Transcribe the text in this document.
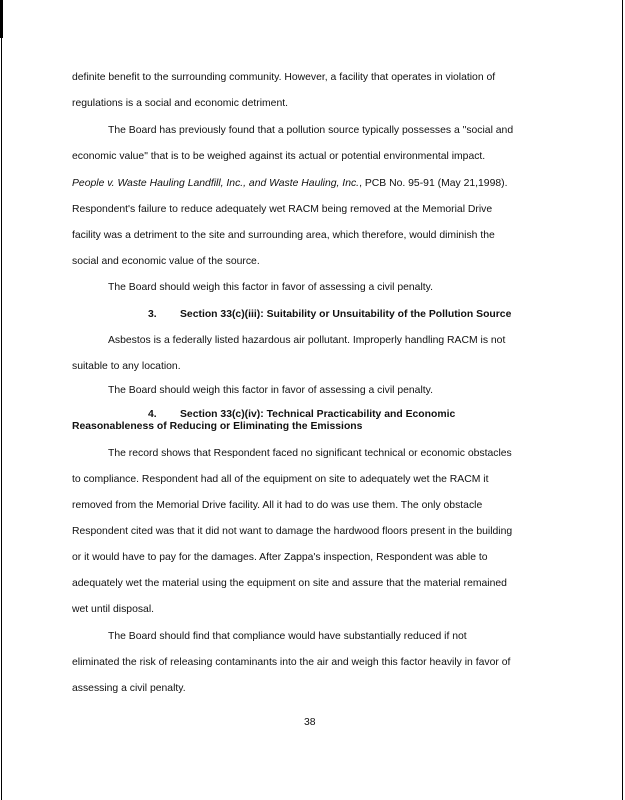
definite benefit to the surrounding community. However, a facility that operates in violation of
regulations is a social and economic detriment.
The Board has previously found that a pollution source typically possesses a "social and
economic value" that is to be weighed against its actual or potential environmental impact.
People v. Waste Hauling Landfill, Inc., and Waste Hauling, Inc., PCB No. 95-91 (May 21,1998).
Respondent's failure to reduce adequately wet RACM being removed at the Memorial Drive
facility was a detriment to the site and surrounding area, which therefore, would diminish the
social and economic value of the source.
The Board should weigh this factor in favor of assessing a civil penalty.
3. Section 33(c)(iii): Suitability or Unsuitability of the Pollution Source
Asbestos is a federally listed hazardous air pollutant. Improperly handling RACM is not
suitable to any location.
The Board should weigh this factor in favor of assessing a civil penalty.
4. Section 33(c)(iv): Technical Practicability and Economic
Reasonableness of Reducing or Eliminating the Emissions
The record shows that Respondent faced no significant technical or economic obstacles
to compliance. Respondent had all of the equipment on site to adequately wet the RACM it
removed from the Memorial Drive facility. All it had to do was use them. The only obstacle
Respondent cited was that it did not want to damage the hardwood floors present in the building
or it would have to pay for the damages. After Zappa's inspection, Respondent was able to
adequately wet the material using the equipment on site and assure that the material remained
wet until disposal.
The Board should find that compliance would have substantially reduced if not
eliminated the risk of releasing contaminants into the air and weigh this factor heavily in favor of
assessing a civil penalty.
38
